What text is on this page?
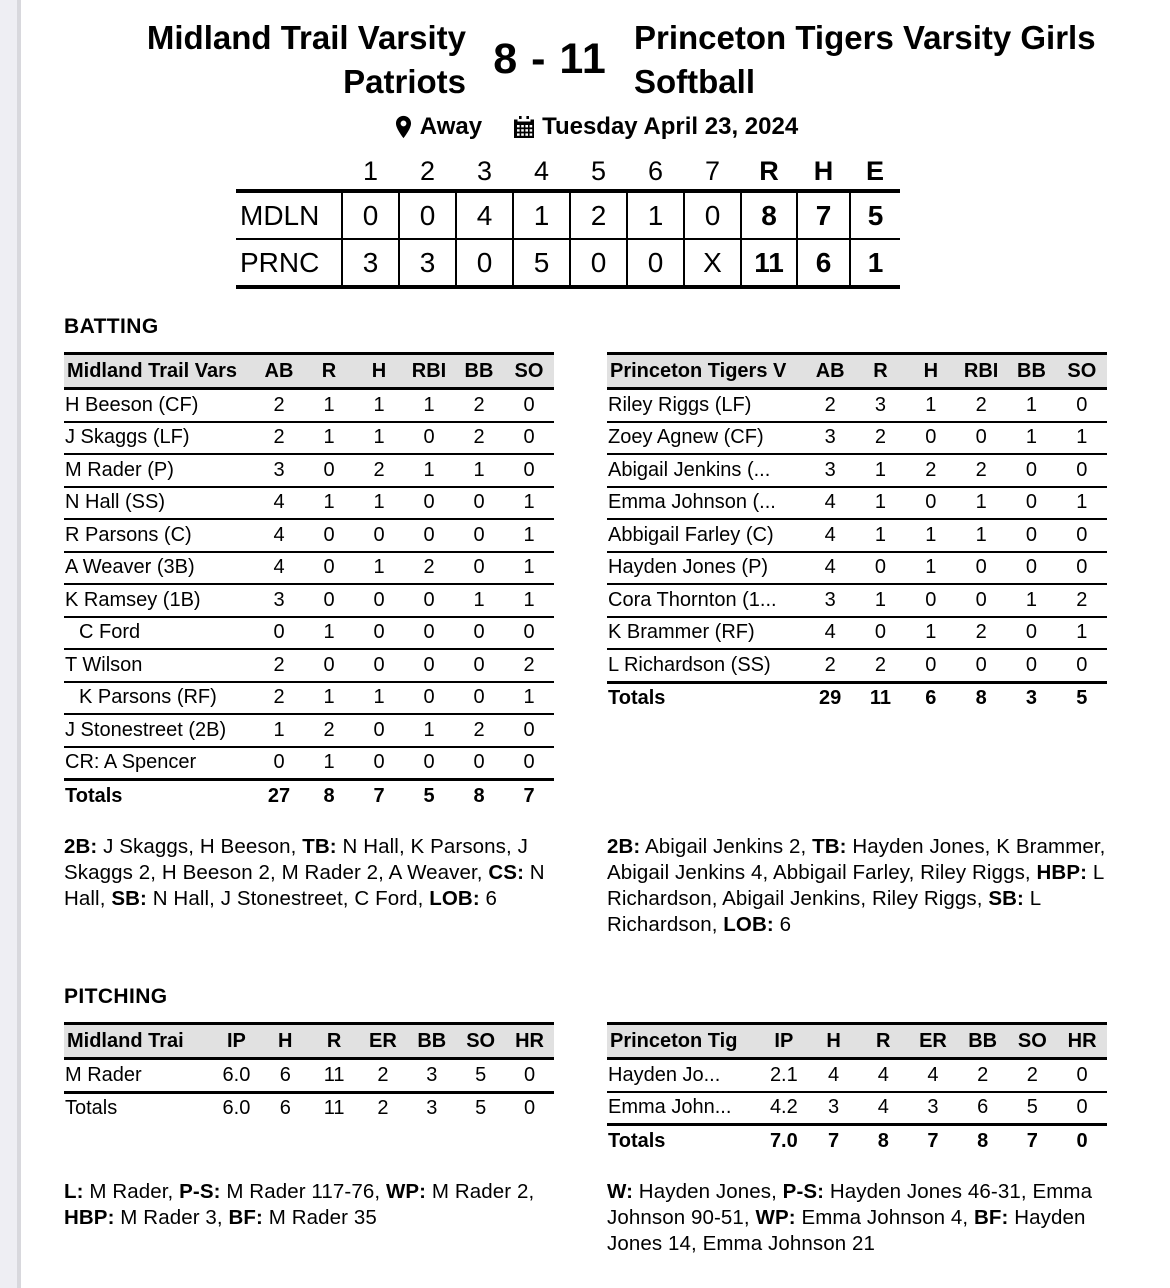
Midland Trail Varsity Patriots 8 - 11 Princeton Tigers Varsity Girls Softball
Away	Tuesday April 23, 2024
	1	2	3	4	5	6	7	R	H	E
MDLN	0	0	4	1	2	1	0	8	7	5
PRNC	3	3	0	5	0	0	X	11	6	1
BATTING
Midland Trail Vars	AB	R	H	RBI	BB	SO
H Beeson (CF)	2	1	1	1	2	0
J Skaggs (LF)	2	1	1	0	2	0
M Rader (P)	3	0	2	1	1	0
N Hall (SS)	4	1	1	0	0	1
R Parsons (C)	4	0	0	0	0	1
A Weaver (3B)	4	0	1	2	0	1
K Ramsey (1B)	3	0	0	0	1	1
C Ford	0	1	0	0	0	0
T Wilson	2	0	0	0	0	2
K Parsons (RF)	2	1	1	0	0	1
J Stonestreet (2B)	1	2	0	1	2	0
CR: A Spencer	0	1	0	0	0	0
Totals	27	8	7	5	8	7
Princeton Tigers V	AB	R	H	RBI	BB	SO
Riley Riggs (LF)	2	3	1	2	1	0
Zoey Agnew (CF)	3	2	0	0	1	1
Abigail Jenkins (...	3	1	2	2	0	0
Emma Johnson (...	4	1	0	1	0	1
Abbigail Farley (C)	4	1	1	1	0	0
Hayden Jones (P)	4	0	1	0	0	0
Cora Thornton (1...	3	1	0	0	1	2
K Brammer (RF)	4	0	1	2	0	1
L Richardson (SS)	2	2	0	0	0	0
Totals	29	11	6	8	3	5

2B: J Skaggs, H Beeson, TB: N Hall, K Parsons, J Skaggs 2, H Beeson 2, M Rader 2, A Weaver, CS: N Hall, SB: N Hall, J Stonestreet, C Ford, LOB: 6

2B: Abigail Jenkins 2, TB: Hayden Jones, K Brammer, Abigail Jenkins 4, Abbigail Farley, Riley Riggs, HBP: L Richardson, Abigail Jenkins, Riley Riggs, SB: L Richardson, LOB: 6

PITCHING
Midland Trai	IP	H	R	ER	BB	SO	HR
M Rader	6.0	6	11	2	3	5	0
Totals	6.0	6	11	2	3	5	0
Princeton Tig	IP	H	R	ER	BB	SO	HR
Hayden Jo...	2.1	4	4	4	2	2	0
Emma John...	4.2	3	4	3	6	5	0
Totals	7.0	7	8	7	8	7	0

L: M Rader, P-S: M Rader 117-76, WP: M Rader 2, HBP: M Rader 3, BF: M Rader 35

W: Hayden Jones, P-S: Hayden Jones 46-31, Emma Johnson 90-51, WP: Emma Johnson 4, BF: Hayden Jones 14, Emma Johnson 21
